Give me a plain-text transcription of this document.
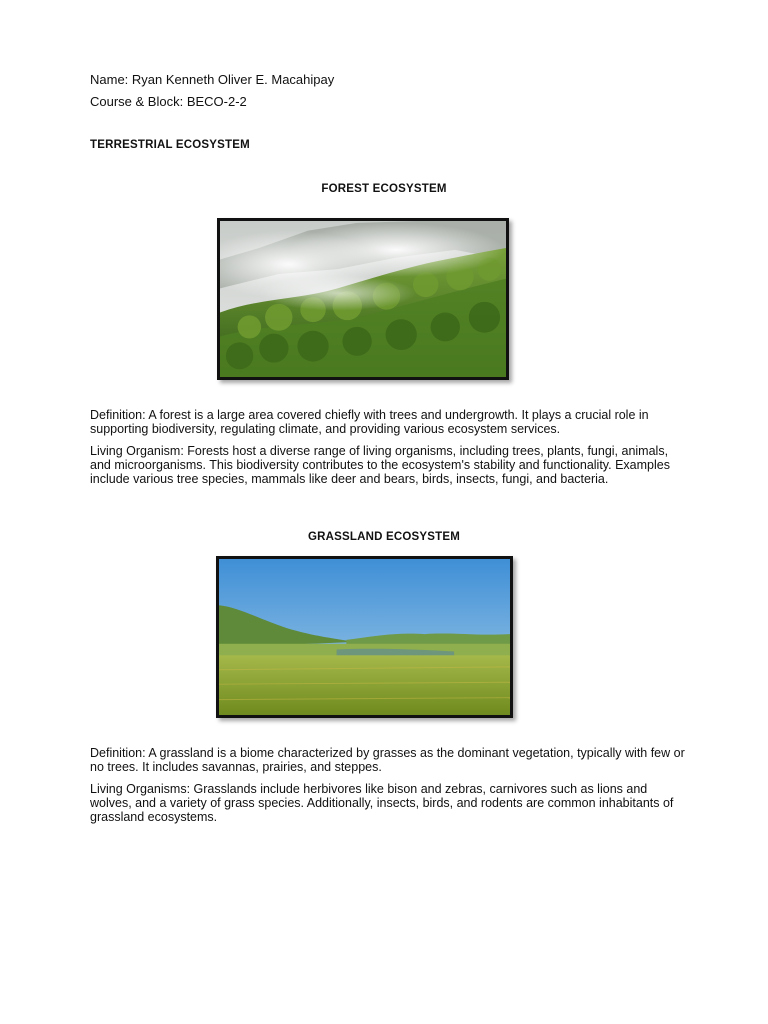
Name: Ryan Kenneth Oliver E. Macahipay
Course & Block: BECO-2-2
TERRESTRIAL ECOSYSTEM
FOREST ECOSYSTEM
Definition: A forest is a large area covered chiefly with trees and undergrowth. It plays a crucial role in supporting biodiversity, regulating climate, and providing various ecosystem services.
Living Organism: Forests host a diverse range of living organisms, including trees, plants, fungi, animals, and microorganisms. This biodiversity contributes to the ecosystem's stability and functionality. Examples include various tree species, mammals like deer and bears, birds, insects, fungi, and bacteria.
GRASSLAND ECOSYSTEM
Definition: A grassland is a biome characterized by grasses as the dominant vegetation, typically with few or no trees. It includes savannas, prairies, and steppes.
Living Organisms: Grasslands include herbivores like bison and zebras, carnivores such as lions and wolves, and a variety of grass species. Additionally, insects, birds, and rodents are common inhabitants of grassland ecosystems.
